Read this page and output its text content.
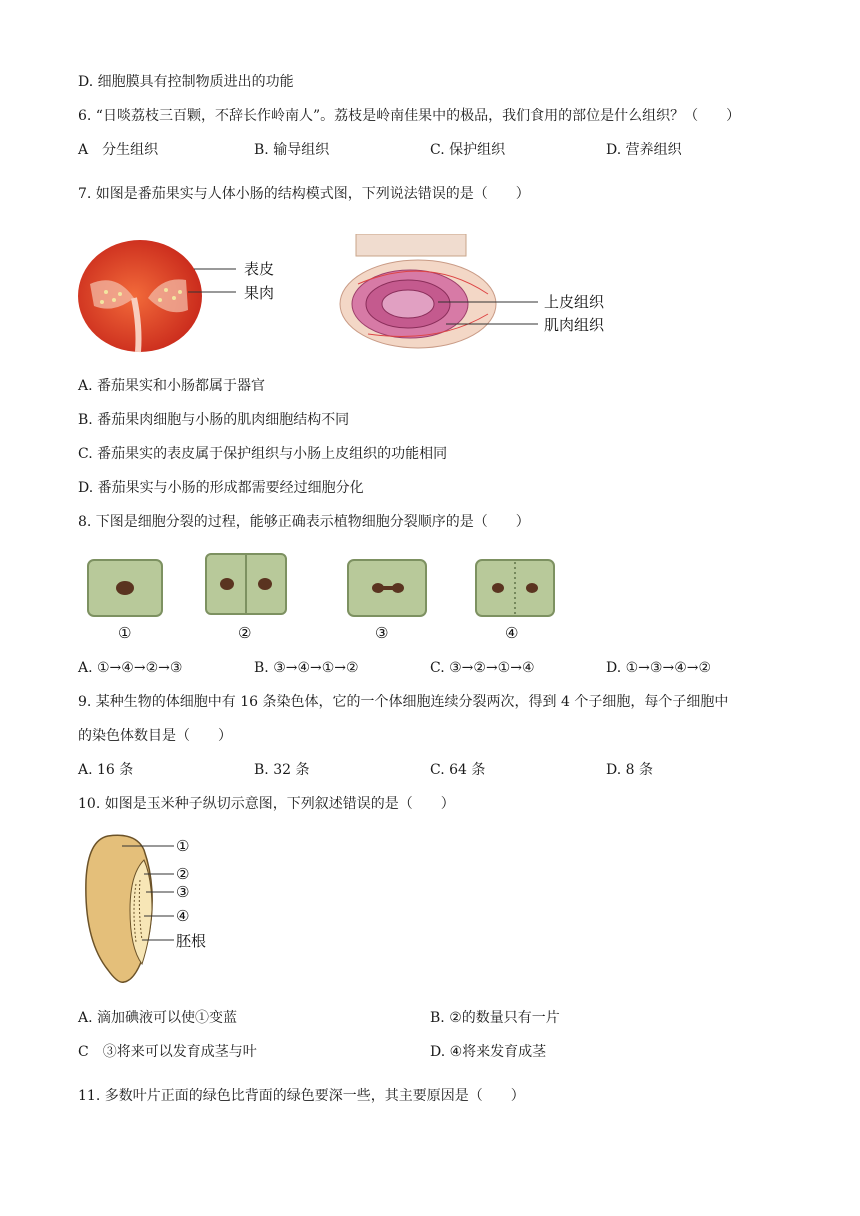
D. 细胞膜具有控制物质进出的功能
6. “日啖荔枝三百颗，不辞长作岭南人”。荔枝是岭南佳果中的极品，我们食用的部位是什么组织？（　　）
A　分生组织	B. 输导组织	C. 保护组织	D. 营养组织
7. 如图是番茄果实与人体小肠的结构模式图，下列说法错误的是（　　）
表皮
果肉	上皮组织
肌肉组织
A. 番茄果实和小肠都属于器官
B. 番茄果肉细胞与小肠的肌肉细胞结构不同
C. 番茄果实的表皮属于保护组织与小肠上皮组织的功能相同
D. 番茄果实与小肠的形成都需要经过细胞分化
8. 下图是细胞分裂的过程，能够正确表示植物细胞分裂顺序的是（　　）
①	②	③	④
A. ①→④→②→③	B. ③→④→①→②	C. ③→②→①→④	D. ①→③→④→②
9. 某种生物的体细胞中有 16 条染色体，它的一个体细胞连续分裂两次，得到 4 个子细胞，每个子细胞中
的染色体数目是（　　）
A. 16 条	B. 32 条	C. 64 条	D. 8 条
10. 如图是玉米种子纵切示意图，下列叙述错误的是（　　）
①
②
③
④
胚根
A. 滴加碘液可以使①变蓝	B. ②的数量只有一片
C　③将来可以发育成茎与叶	D. ④将来发育成茎
11. 多数叶片正面的绿色比背面的绿色要深一些，其主要原因是（　　）
